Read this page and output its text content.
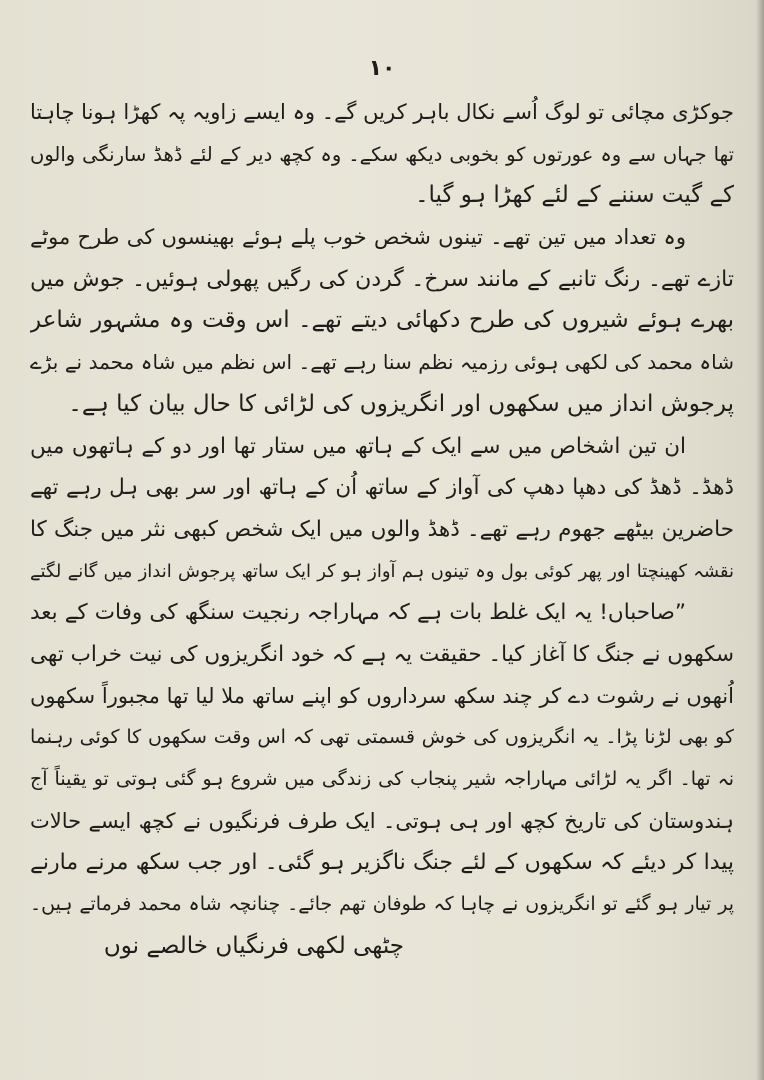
۱۰
جوکڑی مچائی تو لوگ اُسے نکال باہر کریں گے۔ وہ ایسے زاویہ پہ کھڑا ہونا چاہتا
تھا جہاں سے وہ عورتوں کو بخوبی دیکھ سکے۔ وہ کچھ دیر کے لئے ڈھڈ سارنگی والوں
کے گیت سننے کے لئے کھڑا ہو گیا۔
وہ تعداد میں تین تھے۔ تینوں شخص خوب پلے ہوئے بھینسوں کی طرح موٹے
تازے تھے۔ رنگ تانبے کے مانند سرخ۔ گردن کی رگیں پھولی ہوئیں۔ جوش میں
بھرے ہوئے شیروں کی طرح دکھائی دیتے تھے۔ اس وقت وہ مشہور شاعر
شاہ محمد کی لکھی ہوئی رزمیہ نظم سنا رہے تھے۔ اس نظم میں شاہ محمد نے بڑے
پرجوش انداز میں سکھوں اور انگریزوں کی لڑائی کا حال بیان کیا ہے۔
ان تین اشخاص میں سے ایک کے ہاتھ میں ستار تھا اور دو کے ہاتھوں میں
ڈھڈ۔ ڈھڈ کی دھپا دھپ کی آواز کے ساتھ اُن کے ہاتھ اور سر بھی ہل رہے تھے
حاضرین بیٹھے جھوم رہے تھے۔ ڈھڈ والوں میں ایک شخص کبھی نثر میں جنگ کا
نقشہ کھینچتا اور پھر کوئی بول وہ تینوں ہم آواز ہو کر ایک ساتھ پرجوش انداز میں گانے لگتے
”صاحباں! یہ ایک غلط بات ہے کہ مہاراجہ رنجیت سنگھ کی وفات کے بعد
سکھوں نے جنگ کا آغاز کیا۔ حقیقت یہ ہے کہ خود انگریزوں کی نیت خراب تھی
اُنھوں نے رشوت دے کر چند سکھ سرداروں کو اپنے ساتھ ملا لیا تھا مجبوراً سکھوں
کو بھی لڑنا پڑا۔ یہ انگریزوں کی خوش قسمتی تھی کہ اس وقت سکھوں کا کوئی رہنما
نہ تھا۔ اگر یہ لڑائی مہاراجہ شیر پنجاب کی زندگی میں شروع ہو گئی ہوتی تو یقیناً آج
ہندوستان کی تاریخ کچھ اور ہی ہوتی۔ ایک طرف فرنگیوں نے کچھ ایسے حالات
پیدا کر دیئے کہ سکھوں کے لئے جنگ ناگزیر ہو گئی۔ اور جب سکھ مرنے مارنے
پر تیار ہو گئے تو انگریزوں نے چاہا کہ طوفان تھم جائے۔ چنانچہ شاہ محمد فرماتے ہیں۔
چٹھی لکھی فرنگیاں خالصے نوں
